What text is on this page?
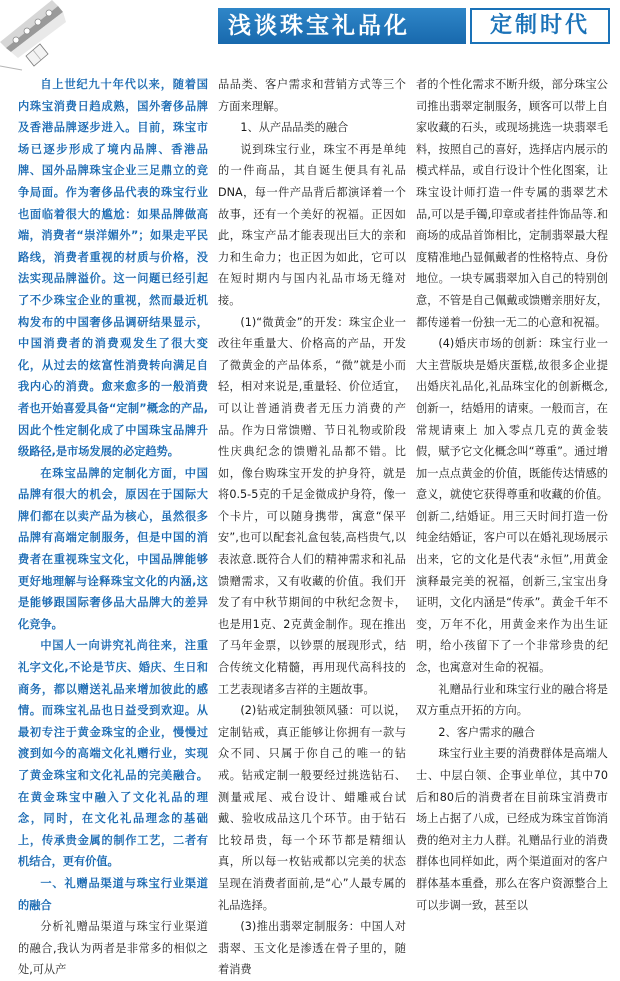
浅谈珠宝礼品化	定制时代

自上世纪九十年代以来，随着国内珠宝消费日趋成熟，国外奢侈品牌及香港品牌逐步进入。目前，珠宝市场已逐步形成了境内品牌、香港品牌、国外品牌珠宝企业三足鼎立的竞争局面。作为奢侈品代表的珠宝行业也面临着很大的尴尬：如果品牌做高端，消费者“崇洋媚外”；如果走平民路线，消费者重视的材质与价格，没法实现品牌溢价。这一问题已经引起了不少珠宝企业的重视，然而最近机构发布的中国奢侈品调研结果显示，中国消费者的消费观发生了很大变化，从过去的炫富性消费转向满足自我内心的消费。愈来愈多的一般消费者也开始喜爱具备“定制”概念的产品,因此个性定制化成了中国珠宝品牌升级路径,是市场发展的必定趋势。

在珠宝品牌的定制化方面，中国品牌有很大的机会，原因在于国际大牌们都在以卖产品为核心，虽然很多品牌有高端定制服务，但是中国的消费者在重视珠宝文化，中国品牌能够更好地理解与诠释珠宝文化的内涵,这是能够跟国际奢侈品大品牌大的差异化竞争。

中国人一向讲究礼尚往来，注重礼字文化,不论是节庆、婚庆、生日和商务，都以赠送礼品来增加彼此的感情。而珠宝礼品也日益受到欢迎。从最初专注于黄金珠宝的企业，慢慢过渡到如今的高端文化礼赠行业，实现了黄金珠宝和文化礼品的完美融合。在黄金珠宝中融入了文化礼品的理念，同时，在文化礼品理念的基础上，传承贵金属的制作工艺，二者有机结合，更有价值。

一、礼赠品渠道与珠宝行业渠道的融合

分析礼赠品渠道与珠宝行业渠道的融合,我认为两者是非常多的相似之处,可从产

品品类、客户需求和营销方式等三个方面来理解。

1、从产品品类的融合

说到珠宝行业，珠宝不再是单纯的一件商品，其自诞生便具有礼品DNA，每一件产品背后都演译着一个故事，还有一个美好的祝福。正因如此，珠宝产品才能表现出巨大的亲和力和生命力；也正因为如此，它可以在短时期内与国内礼品市场无缝对接。

(1)“微黄金”的开发：珠宝企业一改往年重量大、价格高的产品，开发了微黄金的产品体系，“微”就是小而轻，相对来说是,重量轻、价位适宜，可以让普通消费者无压力消费的产品。作为日常馈赠、节日礼物或阶段性庆典纪念的馈赠礼品都不错。比如，像台购珠宝开发的护身符，就是将0.5-5克的千足金微成护身符，像一个卡片，可以随身携带，寓意“保平安”,也可以配套礼盒包装,高档贵气,以表浓意.既符合人们的精神需求和礼品馈赠需求，又有收藏的价值。我们开发了有中秋节期间的中秋纪念贺卡，也是用1克、2克黄金制作。现在推出了马年金票，以钞票的展现形式，结合传统文化精髓，再用现代高科技的工艺表现诸多吉祥的主题故事。

(2)钻戒定制独领风骚：可以说，定制钻戒，真正能够让你拥有一款与众不同、只属于你自己的唯一的钻戒。钻戒定制一般要经过挑选钻石、测量戒尾、戒台设计、蜡雕戒台试戴、验收成品这几个环节。由于钻石比较昂贵，每一个环节都是精细认真，所以每一枚钻戒都以完美的状态呈现在消费者面前,是“心”人最专属的礼品选择。

(3)推出翡翠定制服务：中国人对翡翠、玉文化是渗透在骨子里的，随着消费

者的个性化需求不断升级，部分珠宝公司推出翡翠定制服务，顾客可以带上自家收藏的石头，或现场挑选一块翡翠毛料，按照自己的喜好，选择店内展示的模式样品，或自行设计个性化图案，让珠宝设计师打造一件专属的翡翠艺术品,可以是手镯,印章或者挂件饰品等.和商场的成品首饰相比，定制翡翠最大程度精准地凸显佩戴者的性格特点、身份地位。一块专属翡翠加入自己的特别创意，不管是自己佩戴或馈赠亲朋好友，都传递着一份独一无二的心意和祝福。

(4)婚庆市场的创新：珠宝行业一大主营版块是婚庆蛋糕,故很多企业提出婚庆礼品化,礼品珠宝化的创新概念,创新一，结婚用的请柬。一般而言，在常规请柬上 加入零点几克的黄金装假，赋予它文化概念叫“尊重”。通过增加一点点黄金的价值，既能传达情感的意义，就使它获得尊重和收藏的价值。创新二,结婚证。用三天时间打造一份纯金结婚证，客户可以在婚礼现场展示出来，它的文化是代表“永恒”,用黄金演释最完美的祝福，创新三,宝宝出身证明，文化内涵是“传承”。黄金千年不变，万年不化，用黄金来作为出生证明，给小孩留下了一个非常珍贵的纪念，也寓意对生命的祝福。

礼赠品行业和珠宝行业的融合将是双方重点开拓的方向。

2、客户需求的融合

珠宝行业主要的消费群体是高端人士、中层白领、企事业单位，其中70后和80后的消费者在目前珠宝消费市场上占据了八成，已经成为珠宝首饰消费的绝对主力人群。礼赠品行业的消费群体也同样如此，两个渠道面对的客户群体基本重叠，那么在客户资源整合上可以步调一致，甚至以
